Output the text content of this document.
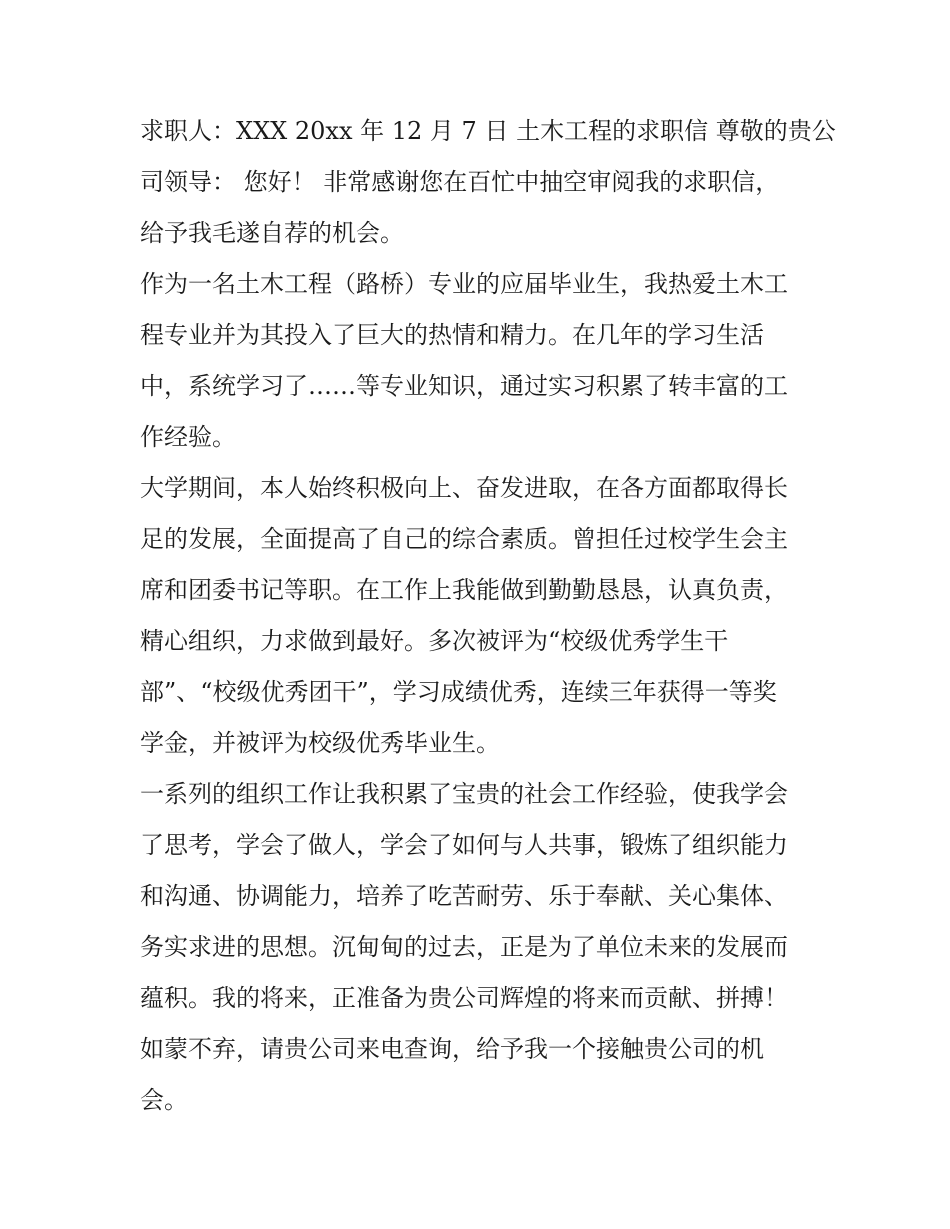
求职人：XXX 20xx 年 12 月 7 日 土木工程的求职信 尊敬的贵公
司领导： 您好！ 非常感谢您在百忙中抽空审阅我的求职信，
给予我毛遂自荐的机会。
作为一名土木工程（路桥）专业的应届毕业生，我热爱土木工
程专业并为其投入了巨大的热情和精力。在几年的学习生活
中，系统学习了……等专业知识，通过实习积累了转丰富的工
作经验。
大学期间，本人始终积极向上、奋发进取，在各方面都取得长
足的发展，全面提高了自己的综合素质。曾担任过校学生会主
席和团委书记等职。在工作上我能做到勤勤恳恳，认真负责，
精心组织，力求做到最好。多次被评为“校级优秀学生干
部”、“校级优秀团干”，学习成绩优秀，连续三年获得一等奖
学金，并被评为校级优秀毕业生。
一系列的组织工作让我积累了宝贵的社会工作经验，使我学会
了思考，学会了做人，学会了如何与人共事，锻炼了组织能力
和沟通、协调能力，培养了吃苦耐劳、乐于奉献、关心集体、
务实求进的思想。沉甸甸的过去，正是为了单位未来的发展而
蕴积。我的将来，正准备为贵公司辉煌的将来而贡献、拼搏！
如蒙不弃，请贵公司来电查询，给予我一个接触贵公司的机
会。
